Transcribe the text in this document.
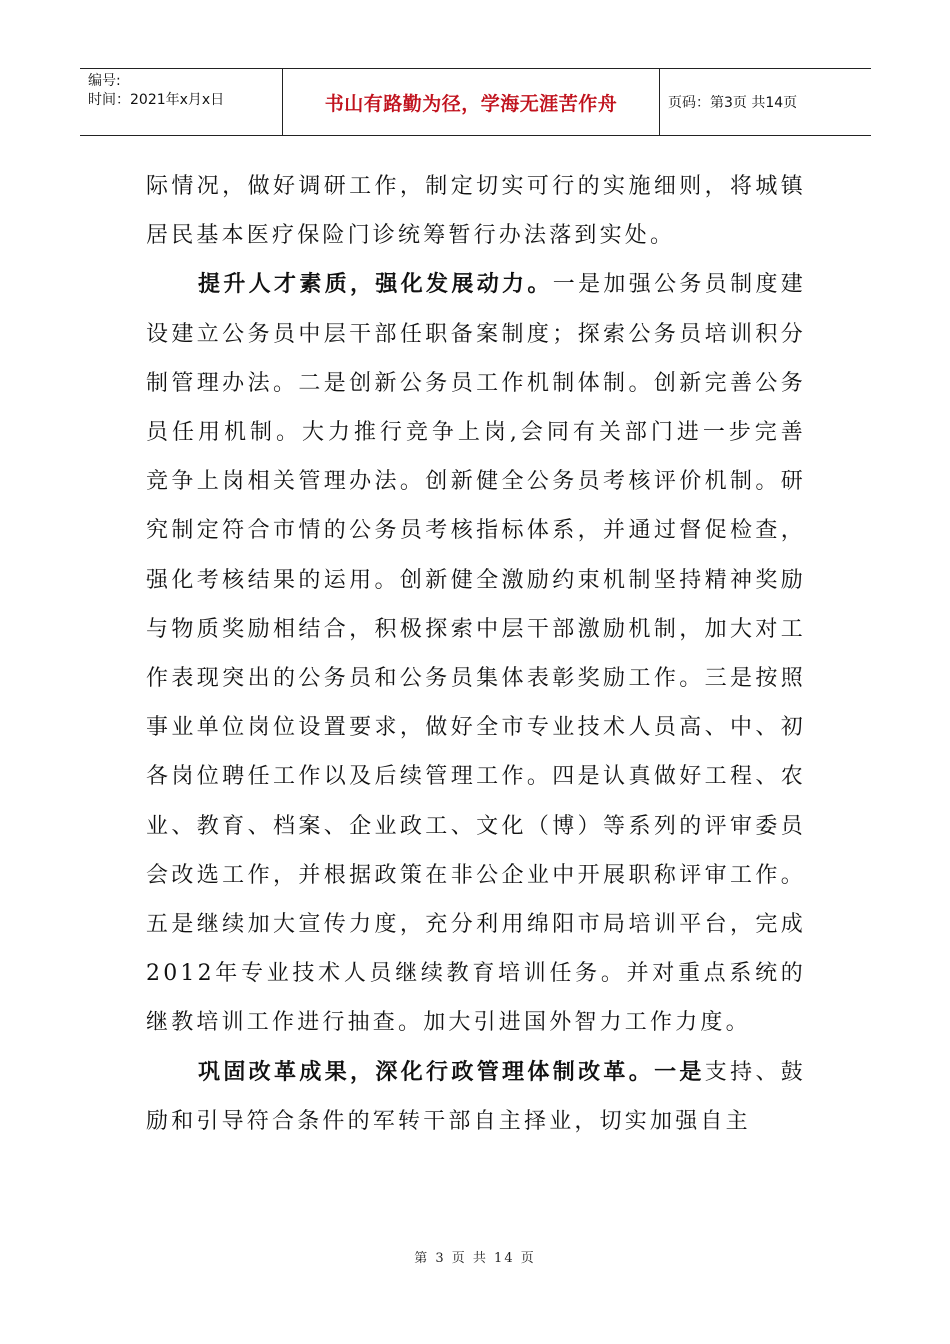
编号:
时间：2021年x月x日	书山有路勤为径，学海无涯苦作舟	页码：第3页 共14页

际情况，做好调研工作，制定切实可行的实施细则，将城镇居民基本医疗保险门诊统筹暂行办法落到实处。

提升人才素质，强化发展动力。一是加强公务员制度建设建立公务员中层干部任职备案制度；探索公务员培训积分制管理办法。二是创新公务员工作机制体制。创新完善公务员任用机制。大力推行竞争上岗,会同有关部门进一步完善竞争上岗相关管理办法。创新健全公务员考核评价机制。研究制定符合市情的公务员考核指标体系，并通过督促检查，强化考核结果的运用。创新健全激励约束机制坚持精神奖励与物质奖励相结合，积极探索中层干部激励机制，加大对工作表现突出的公务员和公务员集体表彰奖励工作。三是按照事业单位岗位设置要求，做好全市专业技术人员高、中、初各岗位聘任工作以及后续管理工作。四是认真做好工程、农业、教育、档案、企业政工、文化（博）等系列的评审委员会改选工作，并根据政策在非公企业中开展职称评审工作。五是继续加大宣传力度，充分利用绵阳市局培训平台，完成2012年专业技术人员继续教育培训任务。并对重点系统的继教培训工作进行抽查。加大引进国外智力工作力度。

巩固改革成果，深化行政管理体制改革。一是支持、鼓励和引导符合条件的军转干部自主择业，切实加强自主

第 3 页 共 14 页
